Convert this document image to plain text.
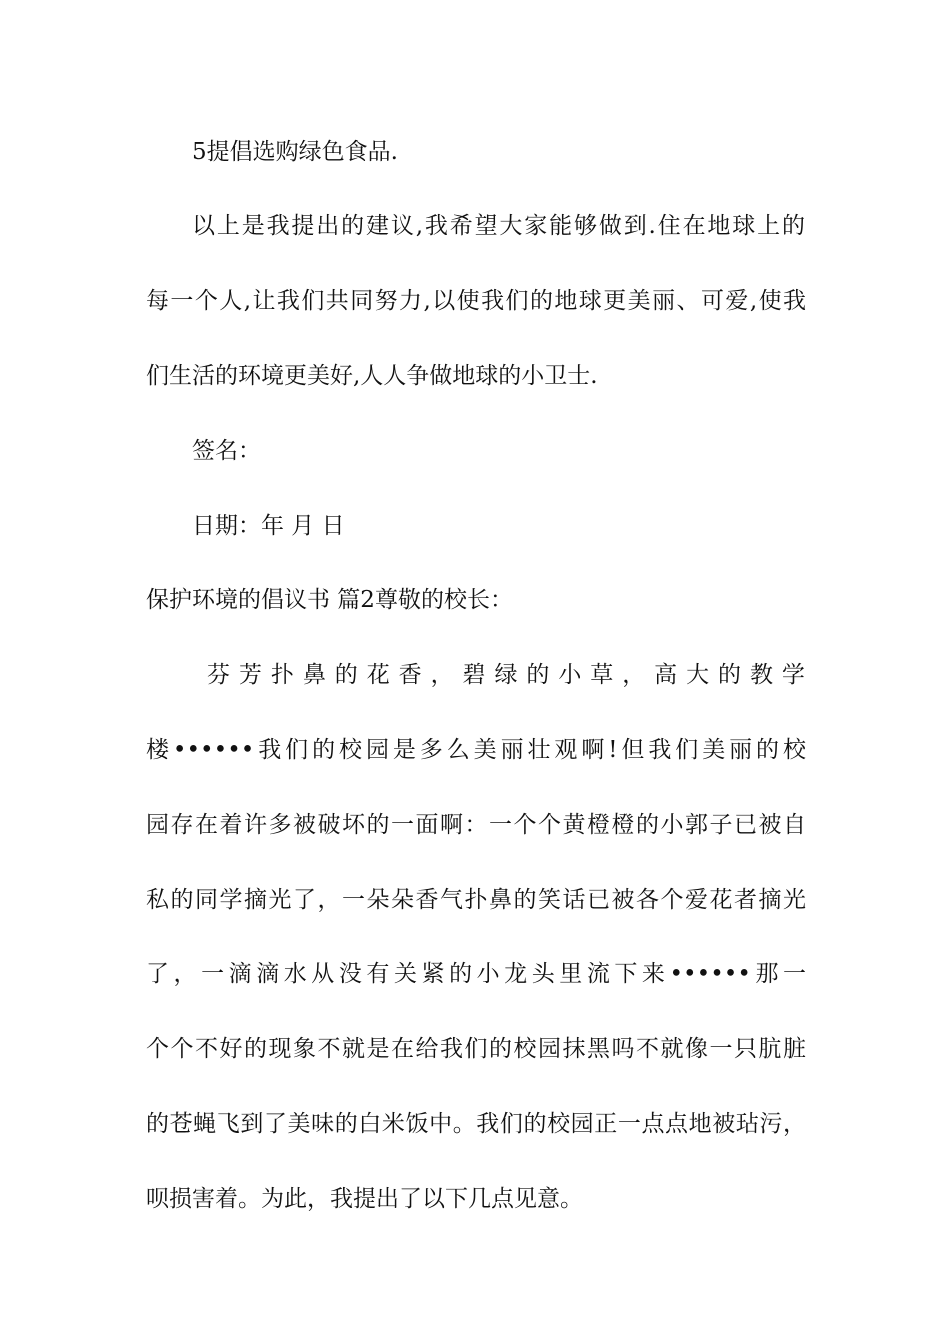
5提倡选购绿色食品.
以上是我提出的建议,我希望大家能够做到.住在地球上的
每一个人,让我们共同努力,以使我们的地球更美丽、可爱,使我
们生活的环境更美好,人人争做地球的小卫士.
签名：
日期：年 月 日
保护环境的倡议书 篇2尊敬的校长：
芬 芳 扑 鼻 的 花 香 ， 碧 绿 的 小 草 ， 高 大 的 教 学
楼••••••我们的校园是多么美丽壮观啊!但我们美丽的校
园存在着许多被破坏的一面啊：一个个黄橙橙的小郭子已被自
私的同学摘光了，一朵朵香气扑鼻的笑话已被各个爱花者摘光
了，一滴滴水从没有关紧的小龙头里流下来••••••那一
个个不好的现象不就是在给我们的校园抹黑吗不就像一只肮脏
的苍蝇飞到了美味的白米饭中。我们的校园正一点点地被玷污，
呗损害着。为此，我提出了以下几点见意。
